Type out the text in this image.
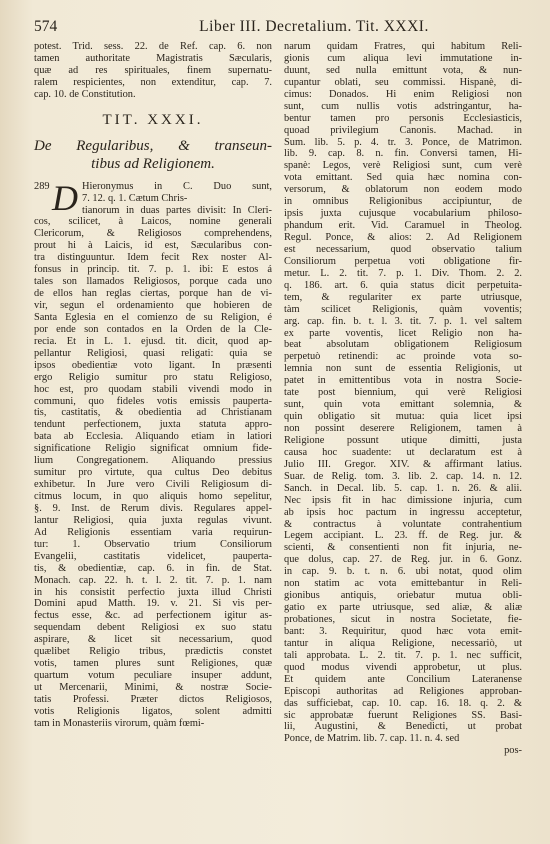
574	Liber III. Decretalium. Tit. XXXI.
potest. Trid. sess. 22. de Ref. cap. 6. non
tamen authoritate Magistratis Sæcularis,
quæ ad res spirituales, finem supernatu-
ralem respicientes, non extenditur, cap. 7.
cap. 10. de Constitution.
TIT. XXXI.
De Regularibus, & transeun-
tibus ad Religionem.
289 D Hieronymus in C. Duo sunt,
7. 12. q. 1. Cætum Chris-
tianorum in duas partes divisit: In Cleri-
cos, scilicet, à Laicos, nomine generali
Clericorum, & Religiosos comprehendens,
prout hi à Laicis, id est, Sæcularibus con-
tra distinguuntur. Idem fecit Rex noster Al-
fonsus in princip. tit. 7. p. 1. ibi: E estos á
tales son llamados Religiosos, porque cada uno
de ellos han reglas ciertas, porque han de vi-
vir, segun el ordenamiento que hobieren de
Santa Eglesia en el comienzo de su Religion, é
por ende son contados en la Orden de la Cle-
recia. Et in L. 1. ejusd. tit. dicit, quod ap-
pellantur Religiosi, quasi religati: quia se
ipsos obedientiæ voto ligant. In præsenti
ergo Religio sumitur pro statu Religioso,
hoc est, pro quodam stabili vivendi modo in
communi, quo fideles votis emissis pauperta-
tis, castitatis, & obedientia ad Christianam
tendunt perfectionem, juxta statuta appro-
bata ab Ecclesia. Aliquando etiam in latiori
significatione Religio significat omnium fide-
lium Congregationem. Aliquando pressius
sumitur pro virtute, qua cultus Deo debitus
exhibetur. In Jure vero Civili Religiosum di-
citmus locum, in quo aliquis homo sepelitur,
§. 9. Inst. de Rerum divis. Regulares appel-
lantur Religiosi, quia juxta regulas vivunt.
Ad Religionis essentiam varia requirun-
tur: 1. Observatio trium Consiliorum
Evangelii, castitatis videlicet, pauperta-
tis, & obedientiæ, cap. 6. in fin. de Stat.
Monach. cap. 22. h. t. l. 2. tit. 7. p. 1. nam
in his consistit perfectio juxta illud Christi
Domini apud Matth. 19. v. 21. Si vis per-
fectus esse, &c. ad perfectionem igitur as-
sequendam debent Religiosi ex suo statu
aspirare, & licet sit necessarium, quod
quælibet Religio tribus, prædictis constet
votis, tamen plures sunt Religiones, quæ
quartum votum peculiare insuper addunt,
ut Mercenarii, Minimi, & nostræ Socie-
tatis Professi. Præter dictos Religiosos,
votis Religionis ligatos, solent admitti
tam in Monasteriis virorum, quàm fœmi-
narum quidam Fratres, qui habitum Reli-
gionis cum aliqua levi immutatione in-
duunt, sed nulla emittunt vota, & nun-
cupantur oblati, seu commissi. Hispanè, di-
cimus: Donados. Hi enim Religiosi non
sunt, cum nullis votis adstringantur, ha-
bentur tamen pro personis Ecclesiasticis,
quoad privilegium Canonis. Machad. in
Sum. lib. 5. p. 4. tr. 3. Ponce, de Matrimon.
lib. 9. cap. 8. n. fin. Conversi tamen, Hi-
spanè: Legos, verè Religiosi sunt, cum verè
vota emittant. Sed quia hæc nomina con-
versorum, & oblatorum non eodem modo
in omnibus Religionibus accipiuntur, de
ipsis juxta cujusque vocabularium philoso-
phandum erit. Vid. Caramuel in Theolog.
Regul. Ponce, & alios: 2. Ad Religionem
est necessarium, quod observatio talium
Consiliorum perpetua voti obligatione fir-
metur. L. 2. tit. 7. p. 1. Div. Thom. 2. 2.
q. 186. art. 6. quia status dicit perpetuita-
tem, & regulariter ex parte utriusque,
tàm scilicet Religionis, quàm voventis;
arg. cap. fin. b. t. l. 3. tit. 7. p. 1. vel saltem
ex parte voventis, licet Religio non ha-
beat absolutam obligationem Religiosum
perpetuò retinendi: ac proinde vota so-
lemnia non sunt de essentia Religionis, ut
patet in emittentibus vota in nostra Socie-
tate post biennium, qui verè Religiosi
sunt, quin vota emittant solemnia, &
quin obligatio sit mutua: quia licet ipsi
non possint deserere Religionem, tamen à
Religione possunt utique dimitti, justa
causa hoc suadente: ut declaratum est à
Julio III. Gregor. XIV. & affirmant latius.
Suar. de Relig. tom. 3. lib. 2. cap. 14. n. 12.
Sanch. in Decal. lib. 5. cap. 1. n. 26. & alii.
Nec ipsis fit in hac dimissione injuria, cum
ab ipsis hoc pactum in ingressu acceptetur,
& contractus à voluntate contrahentium
Legem accipiant. L. 23. ff. de Reg. jur. &
scienti, & consentienti non fit injuria, ne-
que dolus, cap. 27. de Reg. jur. in 6. Gonz.
in cap. 9. b. t. n. 6. ubi notat, quod olim
non statim ac vota emittebantur in Reli-
gionibus antiquis, oriebatur mutua obli-
gatio ex parte utriusque, sed aliæ, & aliæ
probationes, sicut in nostra Societate, fie-
bant: 3. Requiritur, quod hæc vota emit-
tantur in aliqua Religione, necessariò, ut
tali approbata. L. 2. tit. 7. p. 1. nec sufficit,
quod modus vivendi approbetur, ut plus.
Et quidem ante Concilium Lateranense
Episcopi authoritas ad Religiones approban-
das sufficiebat, cap. 10. cap. 16. 18. q. 2. &
sic approbatæ fuerunt Religiones SS. Basi-
lii, Augustini, & Benedicti, ut probat
Ponce, de Matrim. lib. 7. cap. 11. n. 4. sed
pos-
